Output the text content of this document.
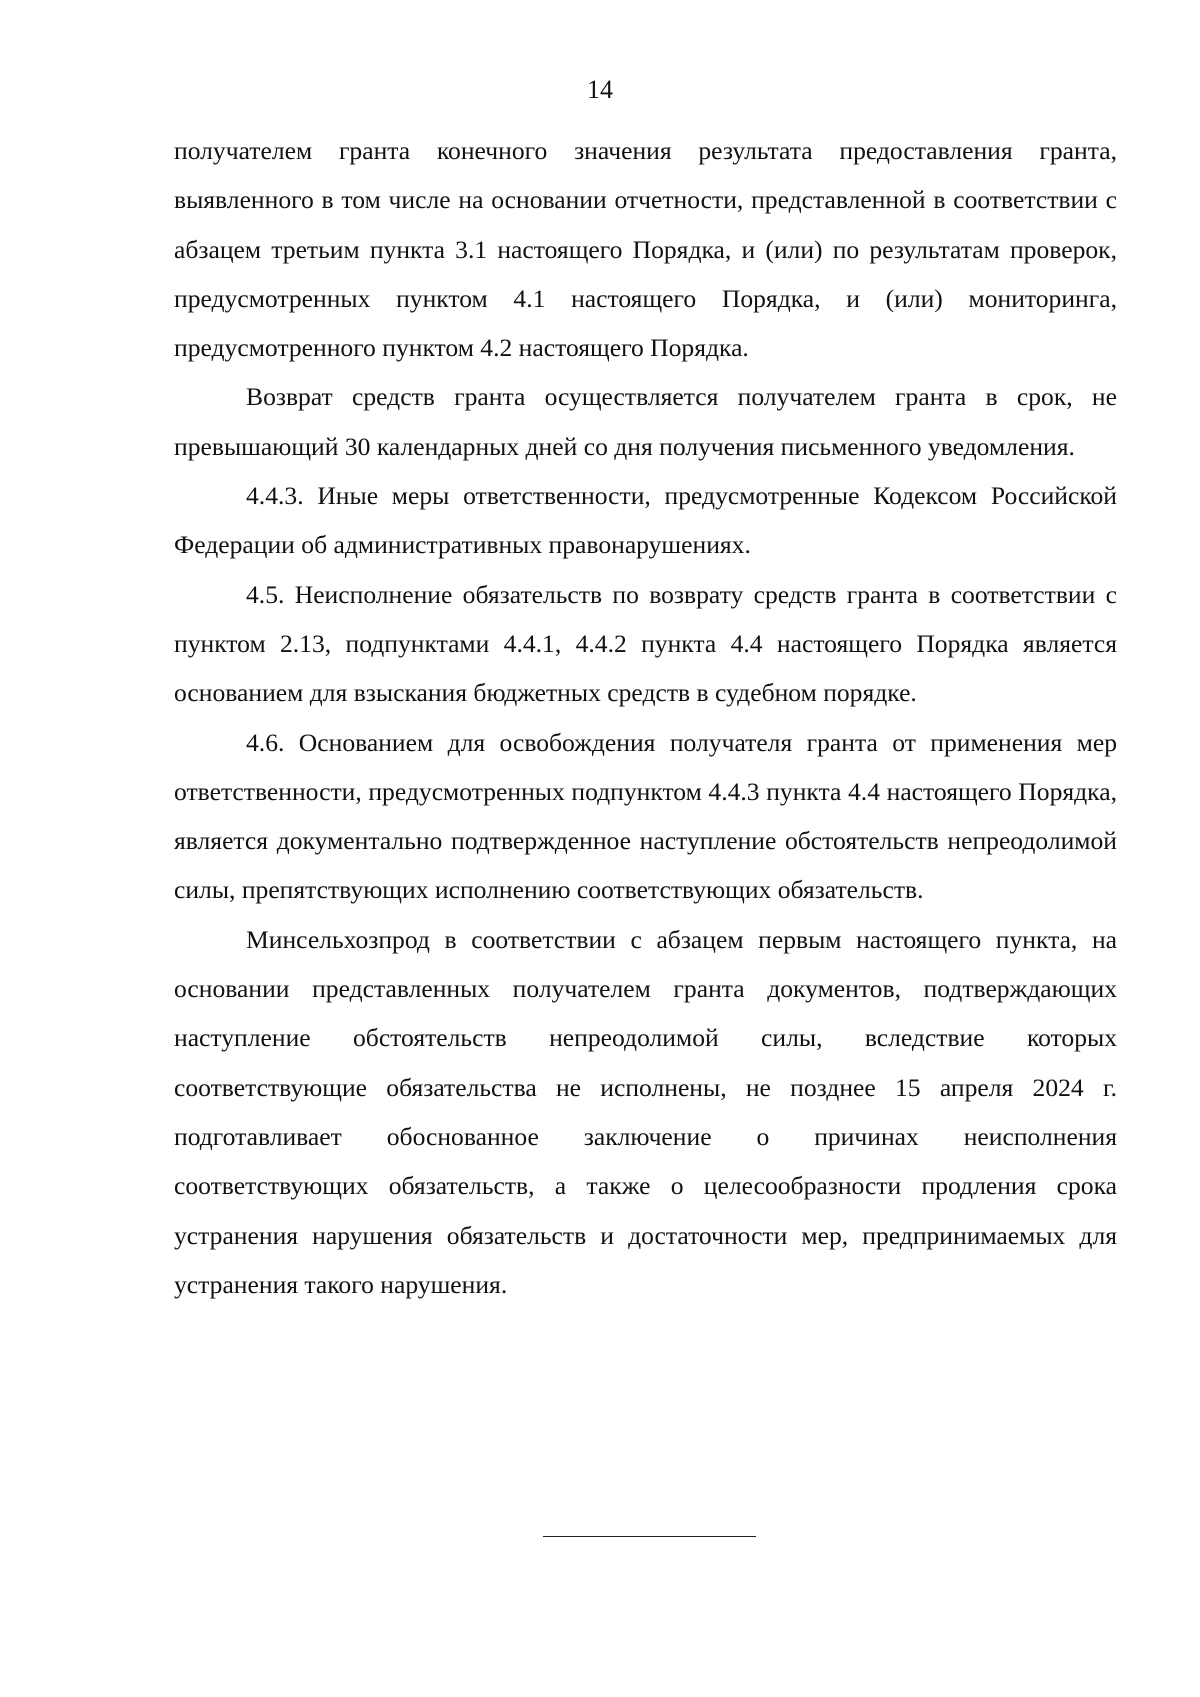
14

получателем гранта конечного значения результата предоставления гранта, выявленного в том числе на основании отчетности, представленной в соответствии с абзацем третьим пункта 3.1 настоящего Порядка, и (или) по результатам проверок, предусмотренных пунктом 4.1 настоящего Порядка, и (или) мониторинга, предусмотренного пунктом 4.2 настоящего Порядка.

Возврат средств гранта осуществляется получателем гранта в срок, не превышающий 30 календарных дней со дня получения письменного уведомления.

4.4.3. Иные меры ответственности, предусмотренные Кодексом Российской Федерации об административных правонарушениях.

4.5. Неисполнение обязательств по возврату средств гранта в соответствии с пунктом 2.13, подпунктами 4.4.1, 4.4.2 пункта 4.4 настоящего Порядка является основанием для взыскания бюджетных средств в судебном порядке.

4.6. Основанием для освобождения получателя гранта от применения мер ответственности, предусмотренных подпунктом 4.4.3 пункта 4.4 настоящего Порядка, является документально подтвержденное наступление обстоятельств непреодолимой силы, препятствующих исполнению соответствующих обязательств.

Минсельхозпрод в соответствии с абзацем первым настоящего пункта, на основании представленных получателем гранта документов, подтверждающих наступление обстоятельств непреодолимой силы, вследствие которых соответствующие обязательства не исполнены, не позднее 15 апреля 2024 г. подготавливает обоснованное заключение о причинах неисполнения соответствующих обязательств, а также о целесообразности продления срока устранения нарушения обязательств и достаточности мер, предпринимаемых для устранения такого нарушения.
